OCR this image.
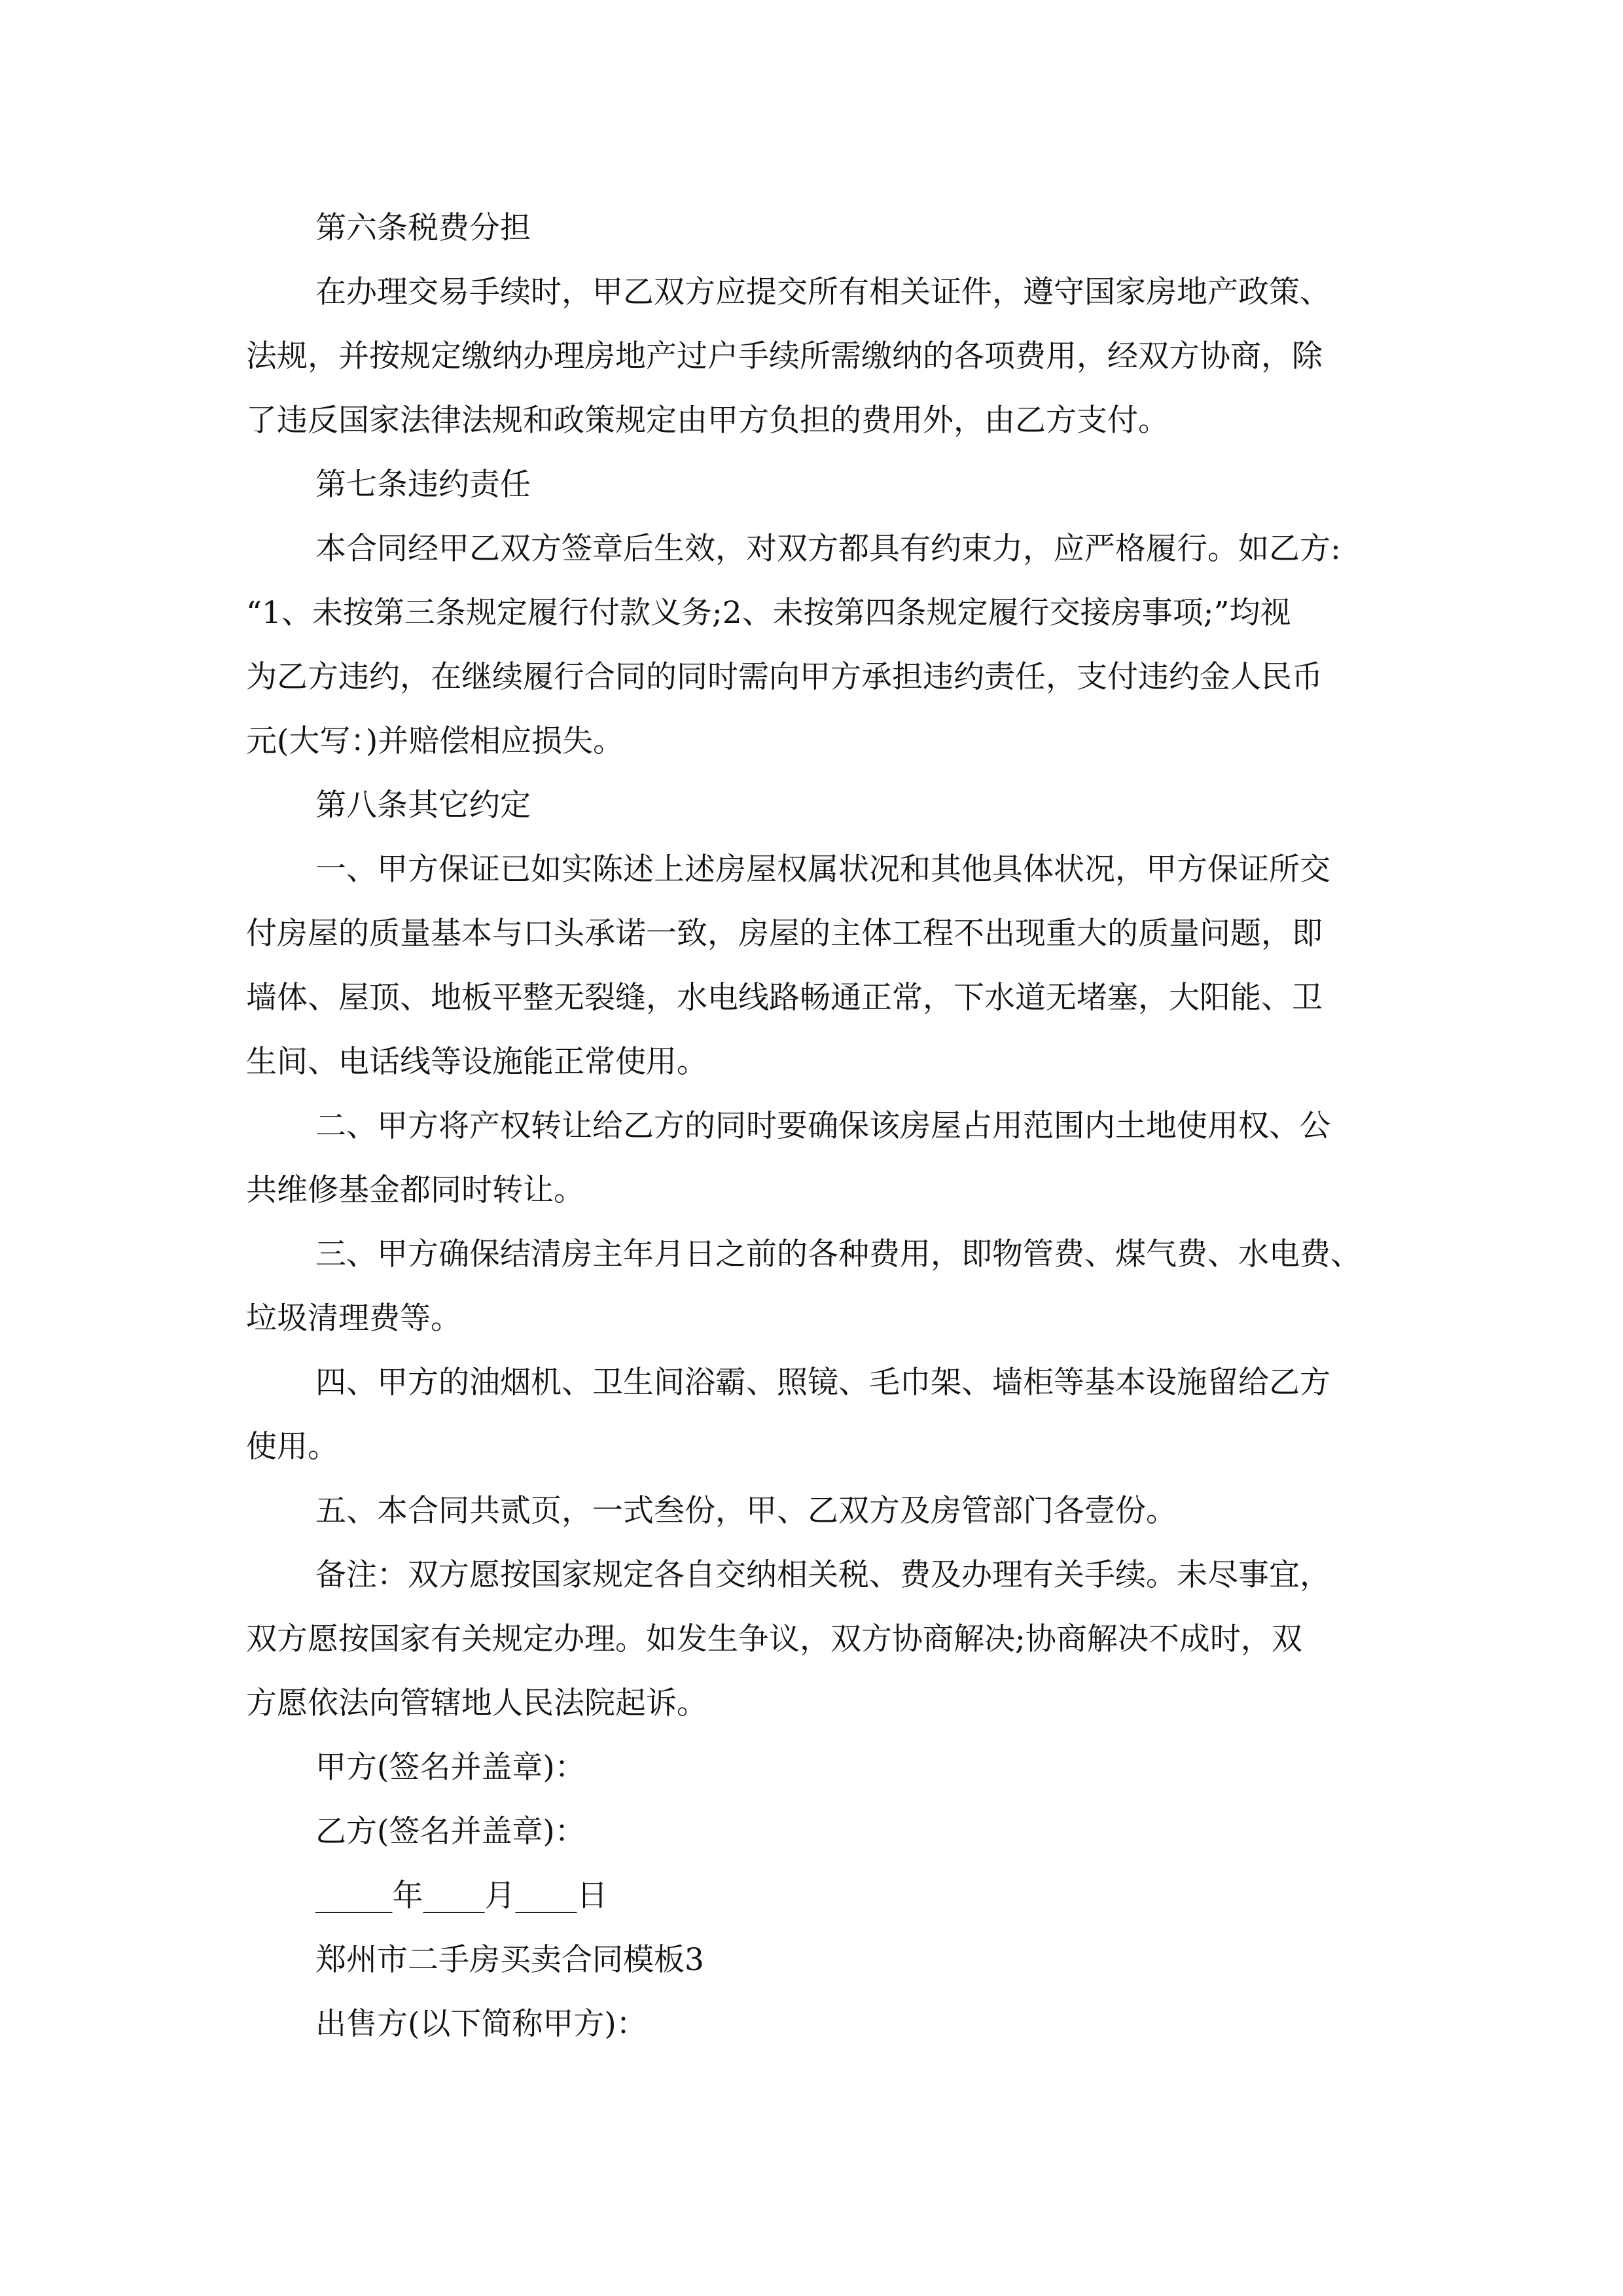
第六条税费分担

在办理交易手续时，甲乙双方应提交所有相关证件，遵守国家房地产政策、

法规，并按规定缴纳办理房地产过户手续所需缴纳的各项费用，经双方协商，除

了违反国家法律法规和政策规定由甲方负担的费用外，由乙方支付。

第七条违约责任

本合同经甲乙双方签章后生效，对双方都具有约束力，应严格履行。如乙方:

“1、未按第三条规定履行付款义务;2、未按第四条规定履行交接房事项;”均视

为乙方违约，在继续履行合同的同时需向甲方承担违约责任，支付违约金人民币

元(大写：)并赔偿相应损失。

第八条其它约定

一、甲方保证已如实陈述上述房屋权属状况和其他具体状况，甲方保证所交

付房屋的质量基本与口头承诺一致，房屋的主体工程不出现重大的质量问题，即

墙体、屋顶、地板平整无裂缝，水电线路畅通正常，下水道无堵塞，大阳能、卫

生间、电话线等设施能正常使用。

二、甲方将产权转让给乙方的同时要确保该房屋占用范围内土地使用权、公

共维修基金都同时转让。

三、甲方确保结清房主年月日之前的各种费用，即物管费、煤气费、水电费、

垃圾清理费等。

四、甲方的油烟机、卫生间浴霸、照镜、毛巾架、墙柜等基本设施留给乙方

使用。

五、本合同共贰页，一式叁份，甲、乙双方及房管部门各壹份。

备注：双方愿按国家规定各自交纳相关税、费及办理有关手续。未尽事宜，

双方愿按国家有关规定办理。如发生争议，双方协商解决;协商解决不成时，双

方愿依法向管辖地人民法院起诉。

甲方(签名并盖章)：

乙方(签名并盖章)：

_____年____月____日

郑州市二手房买卖合同模板3

出售方(以下简称甲方)：
